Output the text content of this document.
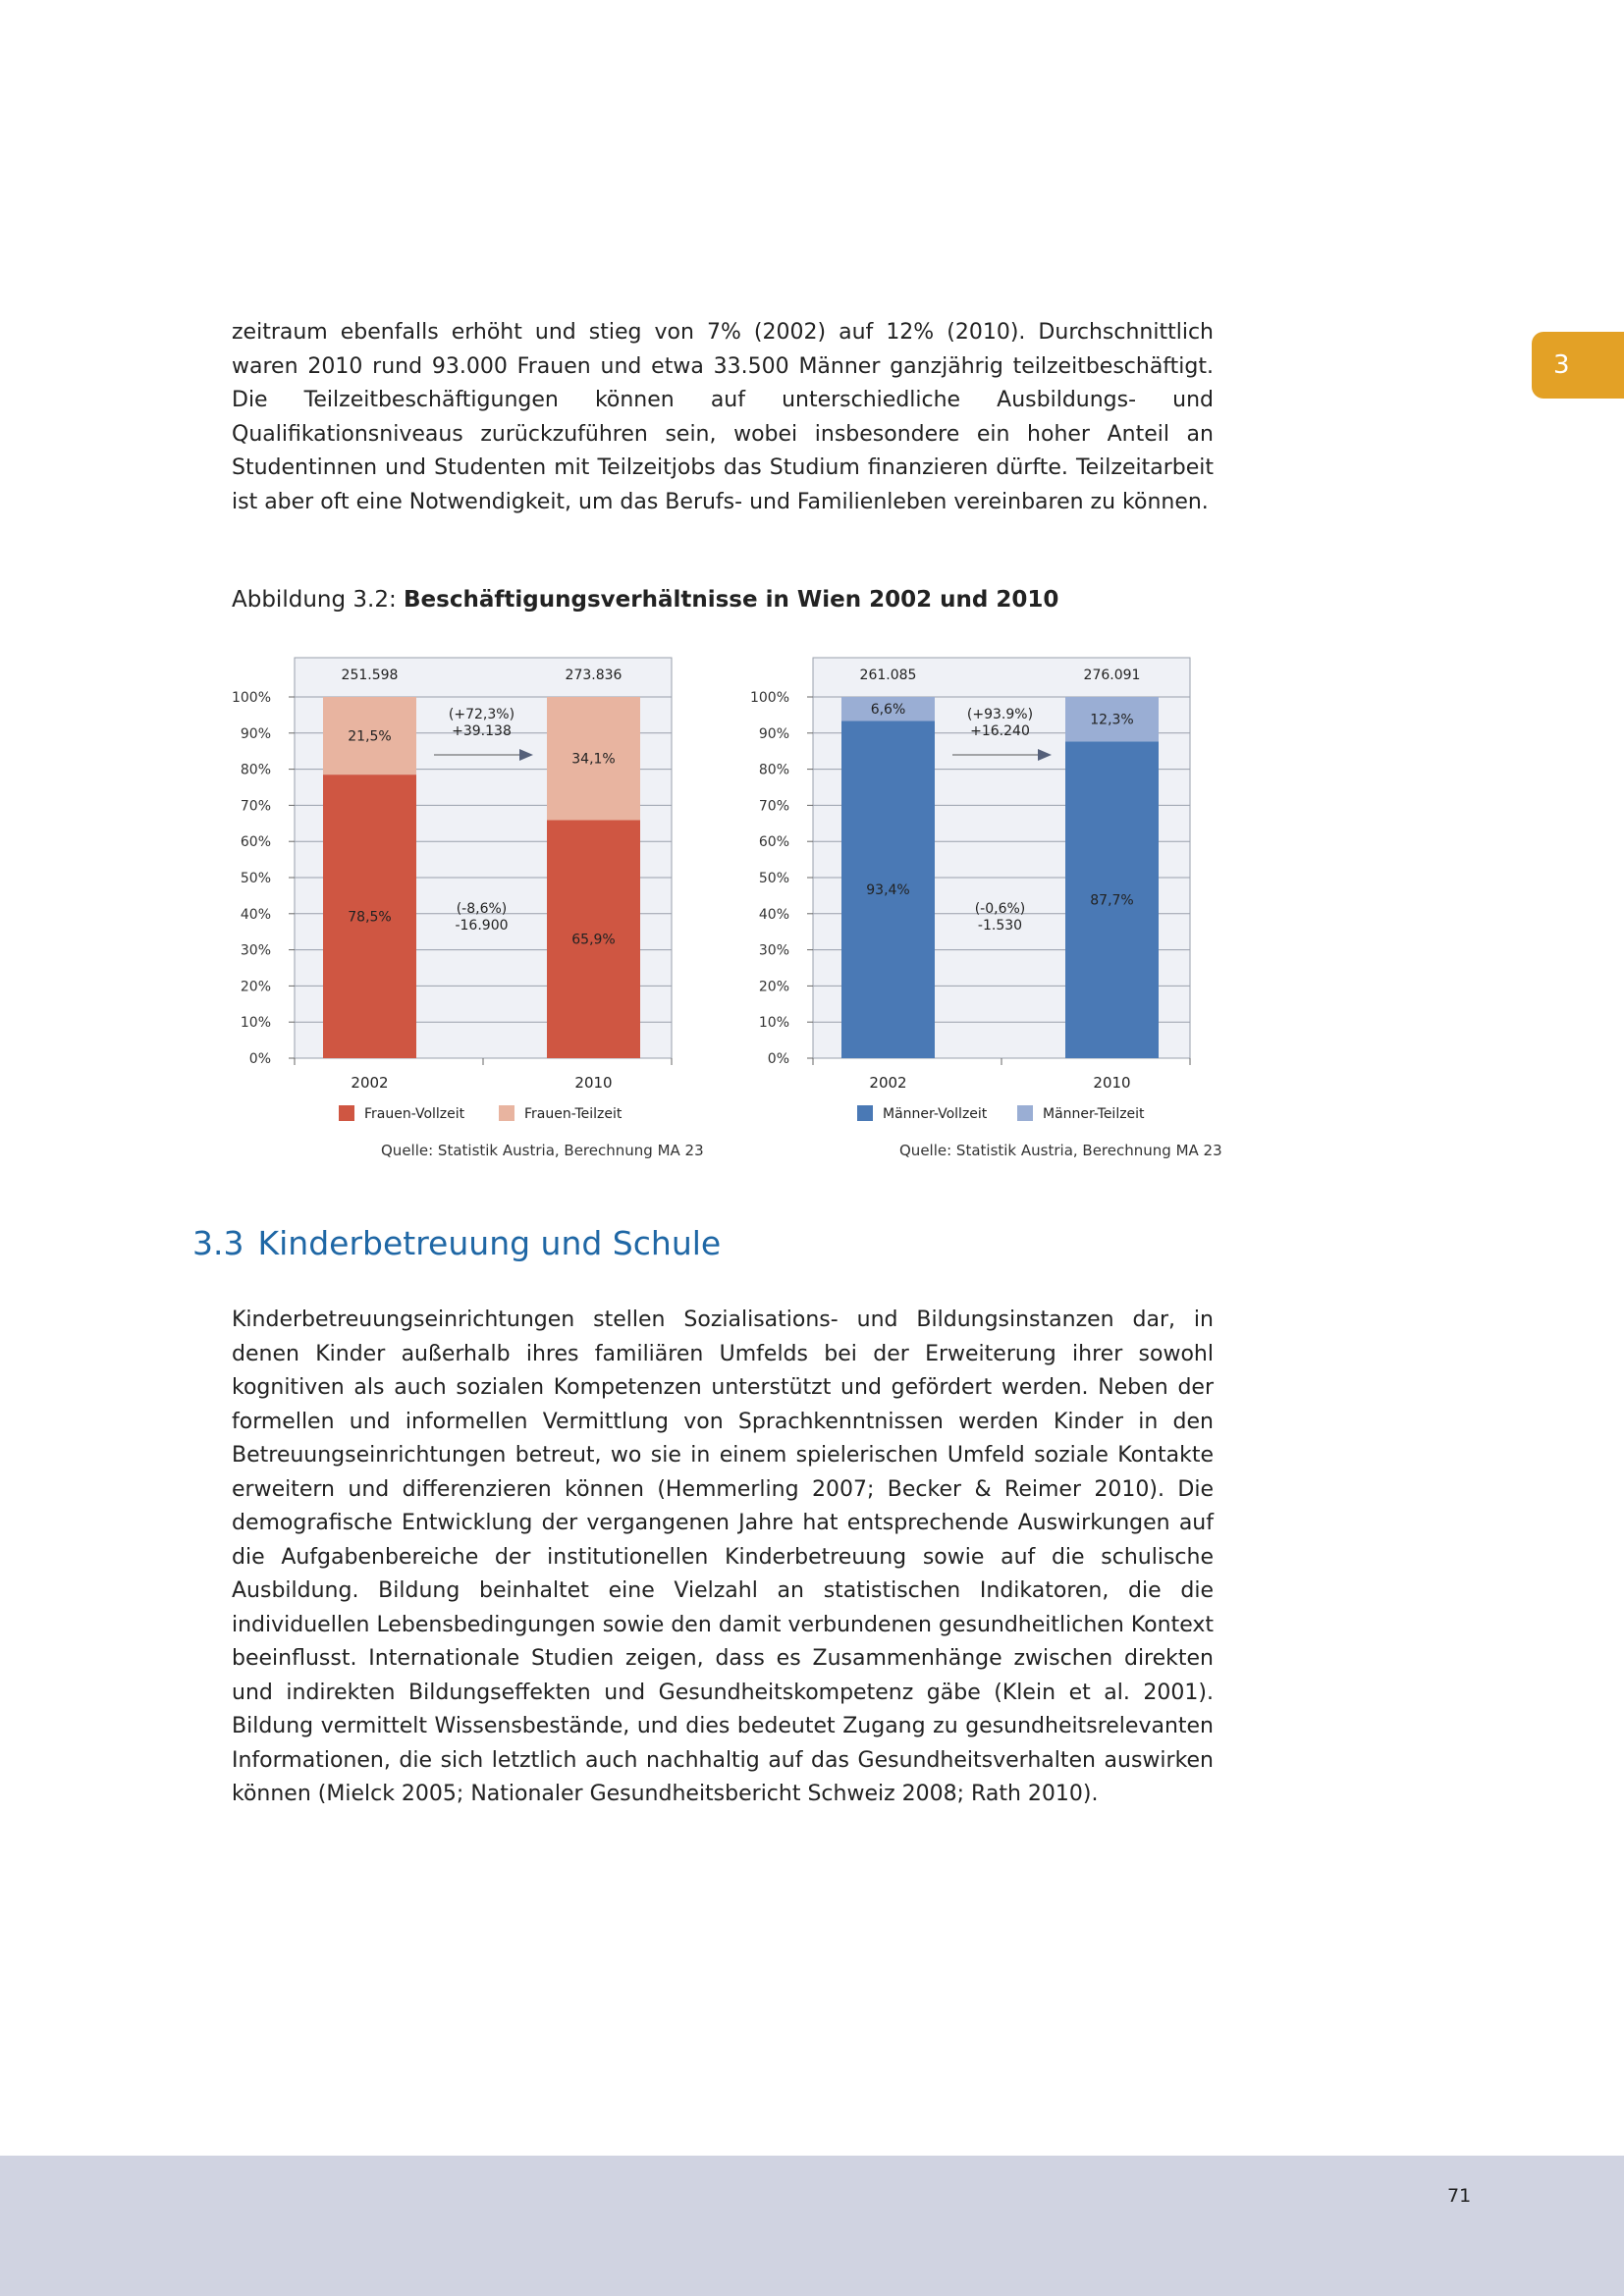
3

zeitraum ebenfalls erhöht und stieg von 7% (2002) auf 12% (2010). Durchschnittlich waren 2010 rund 93.000 Frauen und etwa 33.500 Männer ganzjährig teilzeitbeschäftigt. Die Teilzeitbeschäftigungen können auf unterschiedliche Ausbildungs- und Qualifikationsniveaus zurückzuführen sein, wobei insbesondere ein hoher Anteil an Studentinnen und Studenten mit Teilzeitjobs das Studium finanzieren dürfte. Teilzeitarbeit ist aber oft eine Notwendigkeit, um das Berufs- und Familienleben vereinbaren zu können.

Abbildung 3.2: Beschäftigungsverhältnisse in Wien 2002 und 2010
0%
10%
20%
30%
40%
50%
60%
70%
80%
90%
100%
78,5%
21,5%
251.598
2002
65,9%
34,1%
273.836
2010
(+72,3%)
+39.138
(-8,6%)
-16.900
Frauen-Vollzeit	Frauen-Teilzeit
0%
10%
20%
30%
40%
50%
60%
70%
80%
90%
100%
93,4%
6,6%
261.085
2002
87,7%
12,3%
276.091
2010
(+93.9%)
+16.240
(-0,6%)
-1.530
Männer-Vollzeit	Männer-Teilzeit
Quelle: Statistik Austria, Berechnung MA 23	Quelle: Statistik Austria, Berechnung MA 23
3.3 Kinderbetreuung und Schule

Kinderbetreuungseinrichtungen stellen Sozialisations- und Bildungsinstanzen dar, in denen Kinder außerhalb ihres familiären Umfelds bei der Erweiterung ihrer sowohl kognitiven als auch sozialen Kompetenzen unterstützt und gefördert werden. Neben der formellen und informellen Vermittlung von Sprachkenntnissen werden Kinder in den Betreuungseinrichtungen betreut, wo sie in einem spielerischen Umfeld soziale Kontakte erweitern und differenzieren können (Hemmerling 2007; Becker & Reimer 2010). Die demografische Entwicklung der vergangenen Jahre hat entsprechende Auswirkungen auf die Aufgabenbereiche der institutionellen Kinderbetreuung sowie auf die schulische Ausbildung. Bildung beinhaltet eine Vielzahl an statistischen Indikatoren, die die individuellen Lebensbedingungen sowie den damit verbundenen gesundheitlichen Kontext beeinflusst. Internationale Studien zeigen, dass es Zusammenhänge zwischen direkten und indirekten Bildungseffekten und Gesundheitskompetenz gäbe (Klein et al. 2001). Bildung vermittelt Wissensbestände, und dies bedeutet Zugang zu gesundheitsrelevanten Informationen, die sich letztlich auch nachhaltig auf das Gesundheitsverhalten auswirken können (Mielck 2005; Nationaler Gesundheitsbericht Schweiz 2008; Rath 2010).

71
